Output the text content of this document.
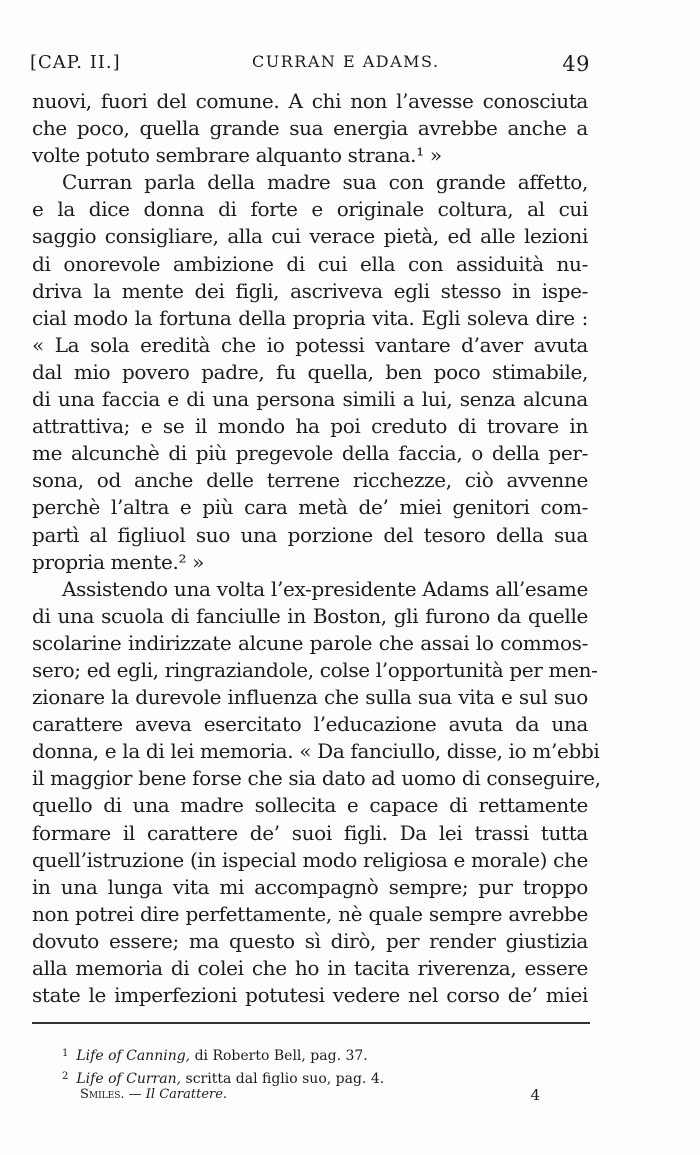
[CAP. II.]	CURRAN E ADAMS.	49
nuovi, fuori del comune. A chi non l’avesse conosciuta
che poco, quella grande sua energia avrebbe anche a
volte potuto sembrare alquanto strana.¹ »
Curran parla della madre sua con grande affetto,
e la dice donna di forte e originale coltura, al cui
saggio consigliare, alla cui verace pietà, ed alle lezioni
di onorevole ambizione di cui ella con assiduità nu-
driva la mente dei figli, ascriveva egli stesso in ispe-
cial modo la fortuna della propria vita. Egli soleva dire :
« La sola eredità che io potessi vantare d’aver avuta
dal mio povero padre, fu quella, ben poco stimabile,
di una faccia e di una persona simili a lui, senza alcuna
attrattiva; e se il mondo ha poi creduto di trovare in
me alcunchè di più pregevole della faccia, o della per-
sona, od anche delle terrene ricchezze, ciò avvenne
perchè l’altra e più cara metà de’ miei genitori com-
partì al figliuol suo una porzione del tesoro della sua
propria mente.² »
Assistendo una volta l’ex-presidente Adams all’esame
di una scuola di fanciulle in Boston, gli furono da quelle
scolarine indirizzate alcune parole che assai lo commos-
sero; ed egli, ringraziandole, colse l’opportunità per men-
zionare la durevole influenza che sulla sua vita e sul suo
carattere aveva esercitato l’educazione avuta da una
donna, e la di lei memoria. « Da fanciullo, disse, io m’ebbi
il maggior bene forse che sia dato ad uomo di conseguire,
quello di una madre sollecita e capace di rettamente
formare il carattere de’ suoi figli. Da lei trassi tutta
quell’istruzione (in ispecial modo religiosa e morale) che
in una lunga vita mi accompagnò sempre; pur troppo
non potrei dire perfettamente, nè quale sempre avrebbe
dovuto essere; ma questo sì dirò, per render giustizia
alla memoria di colei che ho in tacita riverenza, essere
state le imperfezioni potutesi vedere nel corso de’ miei
$^1$ Life of Canning, di Roberto Bell, pag. 37.
$^2$ Life of Curran, scritta dal figlio suo, pag. 4.
Smiles. — Il Carattere.	4
